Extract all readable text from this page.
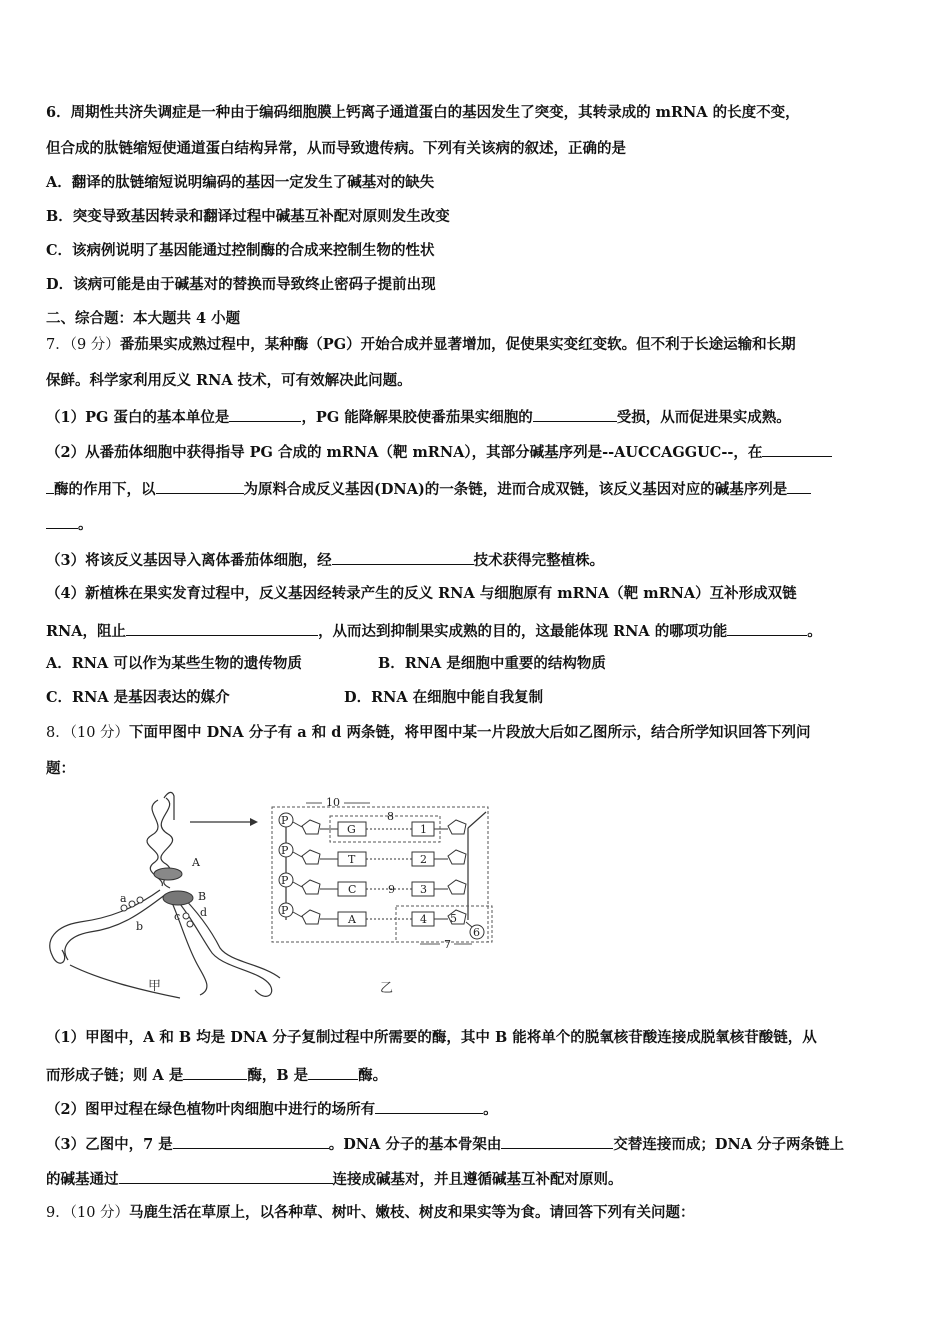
6．周期性共济失调症是一种由于编码细胞膜上钙离子通道蛋白的基因发生了突变，其转录成的 mRNA 的长度不变，
但合成的肽链缩短使通道蛋白结构异常，从而导致遗传病。下列有关该病的叙述，正确的是
A．翻译的肽链缩短说明编码的基因一定发生了碱基对的缺失
B．突变导致基因转录和翻译过程中碱基互补配对原则发生改变
C．该病例说明了基因能通过控制酶的合成来控制生物的性状
D．该病可能是由于碱基对的替换而导致终止密码子提前出现
二、综合题：本大题共 4 小题
7．（9 分）番茄果实成熟过程中，某种酶（PG）开始合成并显著增加，促使果实变红变软。但不利于长途运输和长期
保鲜。科学家利用反义 RNA 技术，可有效解决此问题。
（1）PG 蛋白的基本单位是	，PG 能降解果胶使番茄果实细胞的	受损，从而促进果实成熟。
（2）从番茄体细胞中获得指导 PG 合成的 mRNA（靶 mRNA），其部分碱基序列是--AUCCAGGUC--，在
酶的作用下，以	为原料合成反义基因(DNA)的一条链，进而合成双链，该反义基因对应的碱基序列是
。
（3）将该反义基因导入离体番茄体细胞，经	技术获得完整植株。
（4）新植株在果实发育过程中，反义基因经转录产生的反义 RNA 与细胞原有 mRNA（靶 mRNA）互补形成双链
RNA，阻止	，从而达到抑制果实成熟的目的，这最能体现 RNA 的哪项功能	。
A．RNA 可以作为某些生物的遗传物质	B．RNA 是细胞中重要的结构物质
C．RNA 是基因表达的媒介	D．RNA 在细胞中能自我复制
8．（10 分）下面甲图中 DNA 分子有 a 和 d 两条链，将甲图中某一片段放大后如乙图所示，结合所学知识回答下列问
题：
A
B
a
b
c d
10
P
G	1
8
P
T	2
P
C	9 3
P
A	4 5
6
7
甲	乙
（1）甲图中，A 和 B 均是 DNA 分子复制过程中所需要的酶，其中 B 能将单个的脱氧核苷酸连接成脱氧核苷酸链，从
而形成子链；则 A 是	酶，B 是	酶。
（2）图甲过程在绿色植物叶肉细胞中进行的场所有	。
（3）乙图中，7 是	。DNA 分子的基本骨架由	交替连接而成；DNA 分子两条链上
的碱基通过	连接成碱基对，并且遵循碱基互补配对原则。
9．（10 分）马鹿生活在草原上，以各种草、树叶、嫩枝、树皮和果实等为食。请回答下列有关问题：
